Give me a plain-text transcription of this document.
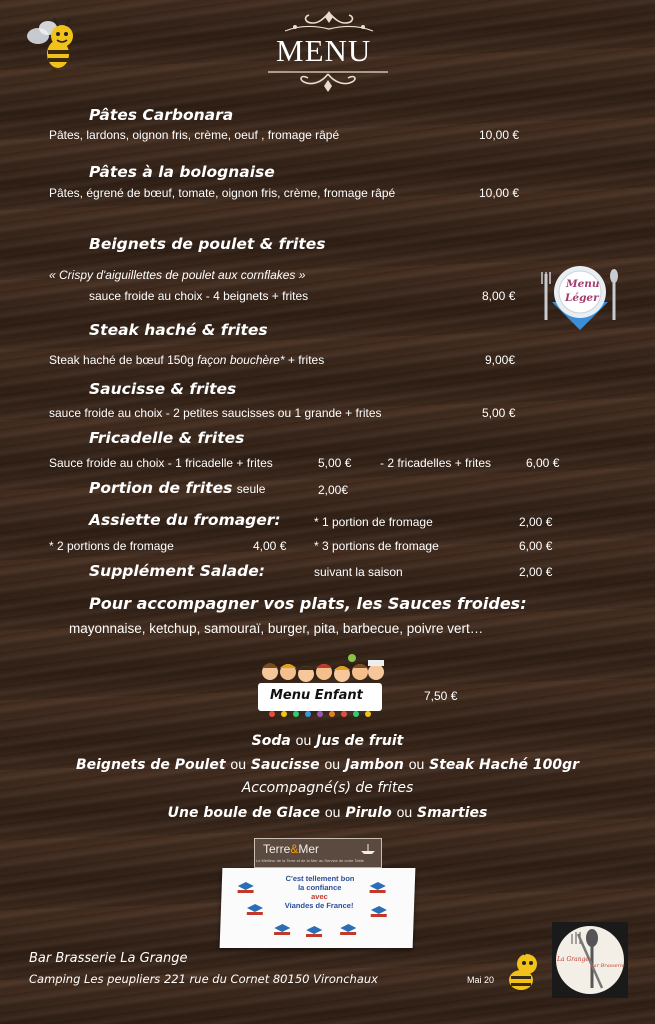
MENU
Pâtes Carbonara
Pâtes, lardons, oignon fris, crème, oeuf , fromage râpé	10,00 €
Pâtes à la bolognaise
Pâtes, égrené de bœuf, tomate, oignon fris, crème, fromage râpé	10,00 €
Beignets de poulet & frites
« Crispy d'aiguillettes de poulet aux cornflakes »
sauce froide au choix - 4 beignets + frites	8,00 €
Menu
Léger
Steak haché & frites
Steak haché de bœuf 150g façon bouchère* + frites	9,00€
Saucisse & frites
sauce froide au choix - 2 petites saucisses ou 1 grande + frites	5,00 €
Fricadelle & frites
Sauce froide au choix - 1 fricadelle + frites	5,00 € - 2 fricadelles + frites	6,00 €
Portion de frites seule	2,00€
Assiette du fromager:	* 1 portion de fromage	2,00 €
* 2 portions de fromage	4,00 € * 3 portions de fromage	6,00 €
Supplément Salade:	suivant la saison	2,00 €
Pour accompagner vos plats, les Sauces froides:
mayonnaise, ketchup, samouraï, burger, pita, barbecue, poivre vert…
Menu Enfant	7,50 €
Soda ou Jus de fruit
Beignets de Poulet ou Saucisse ou Jambon ou Steak Haché 100gr
Accompagné(s) de frites
Une boule de Glace ou Pirulo ou Smarties
Terre&Mer
Le Meilleur de la Terre et de la Mer au Service de votre Table
C'est tellement bon
la confiance
avec
Viandes de France!
Bar Brasserie La Grange
Camping Les peupliers 221 rue du Cornet 80150 Vironchaux	Mai 20
La Grange
Bar Brasserie
